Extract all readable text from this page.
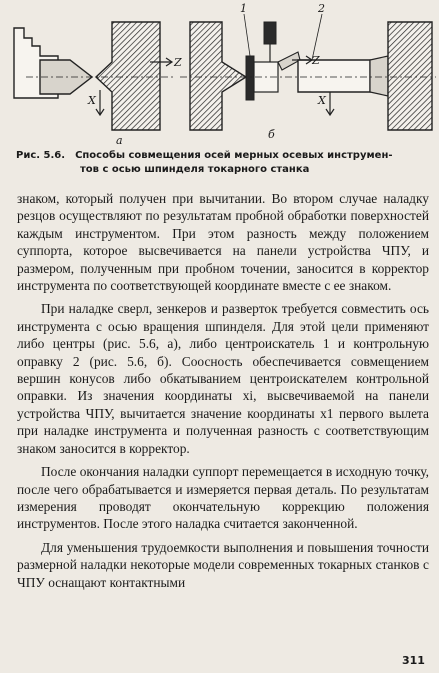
Z
X
а
1	2
Z
X
б
Рис. 5.6. Способы совмещения осей мерных осевых инструмен-
тов с осью шпинделя токарного станка

знаком, который получен при вычитании. Во втором случае наладку резцов осуществляют по результатам пробной обработки поверхностей каждым инструментом. При этом разность между положением суппорта, которое высвечивается на панели устройства ЧПУ, и размером, полученным при пробном точении, заносится в корректор инструмента по соответствующей координате вместе с ее знаком.

При наладке сверл, зенкеров и разверток требуется совместить ось инструмента с осью вращения шпинделя. Для этой цели применяют либо центры (рис. 5.6, а), либо центроискатель 1 и контрольную оправку 2 (рис. 5.6, б). Соосность обеспечивается совмещением вершин конусов либо обкатыванием центроискателем контрольной оправки. Из значения координаты xi, высвечиваемой на панели устройства ЧПУ, вычитается значение координаты x1 первого вылета при наладке инструмента и полученная разность с соответствующим знаком заносится в корректор.

После окончания наладки суппорт перемещается в исходную точку, после чего обрабатывается и измеряется первая деталь. По результатам измерения проводят окончательную коррекцию положения инструментов. После этого наладка считается законченной.

Для уменьшения трудоемкости выполнения и повышения точности размерной наладки некоторые модели современных токарных станков с ЧПУ оснащают контактными

311
